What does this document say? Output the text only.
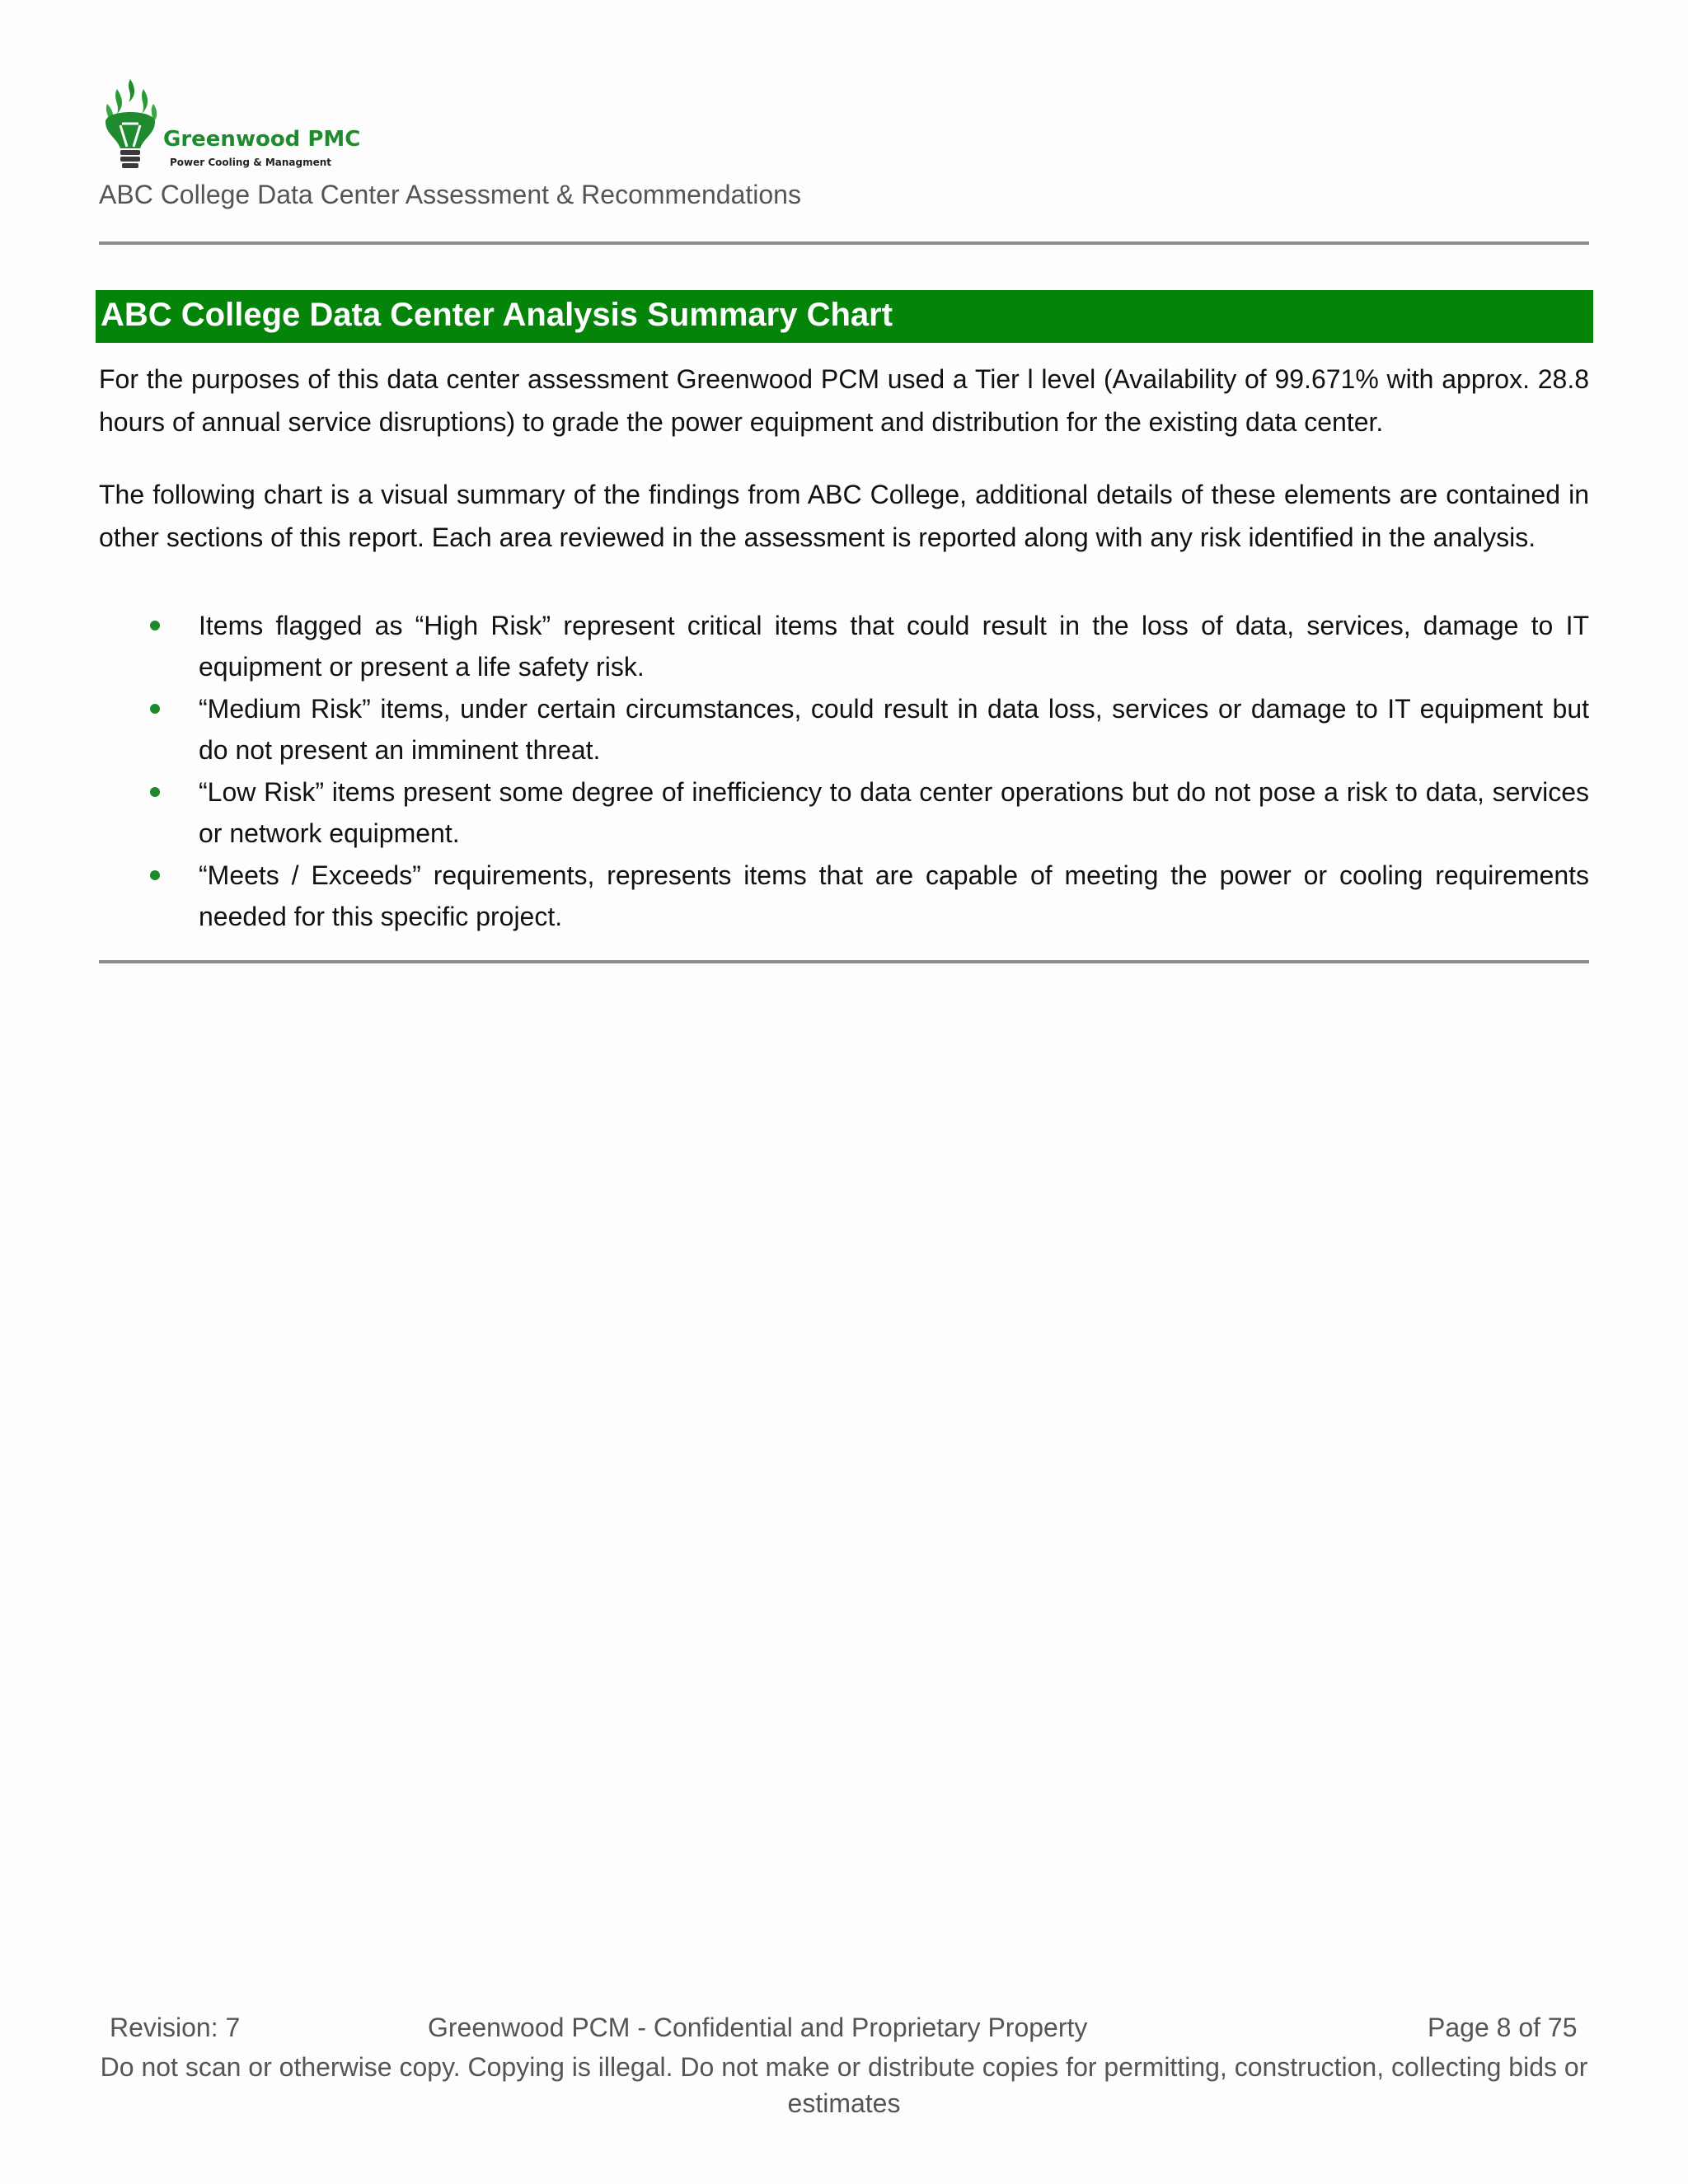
Greenwood PMC
Power Cooling & Managment
ABC College Data Center Assessment & Recommendations
ABC College Data Center Analysis Summary Chart
For the purposes of this data center assessment Greenwood PCM used a Tier l level (Availability of 99.671% with approx. 28.8 hours of annual service disruptions) to grade the power equipment and distribution for the existing data center.
The following chart is a visual summary of the findings from ABC College, additional details of these elements are contained in other sections of this report. Each area reviewed in the assessment is reported along with any risk identified in the analysis.
Items flagged as “High Risk” represent critical items that could result in the loss of data, services, damage to IT equipment or present a life safety risk.
“Medium Risk” items, under certain circumstances, could result in data loss, services or damage to IT equipment but do not present an imminent threat.
“Low Risk” items present some degree of inefficiency to data center operations but do not pose a risk to data, services or network equipment.
“Meets / Exceeds” requirements, represents items that are capable of meeting the power or cooling requirements needed for this specific project.
Revision: 7	Greenwood PCM - Confidential and Proprietary Property	Page 8 of 75
Do not scan or otherwise copy. Copying is illegal. Do not make or distribute copies for permitting, construction, collecting bids or estimates
